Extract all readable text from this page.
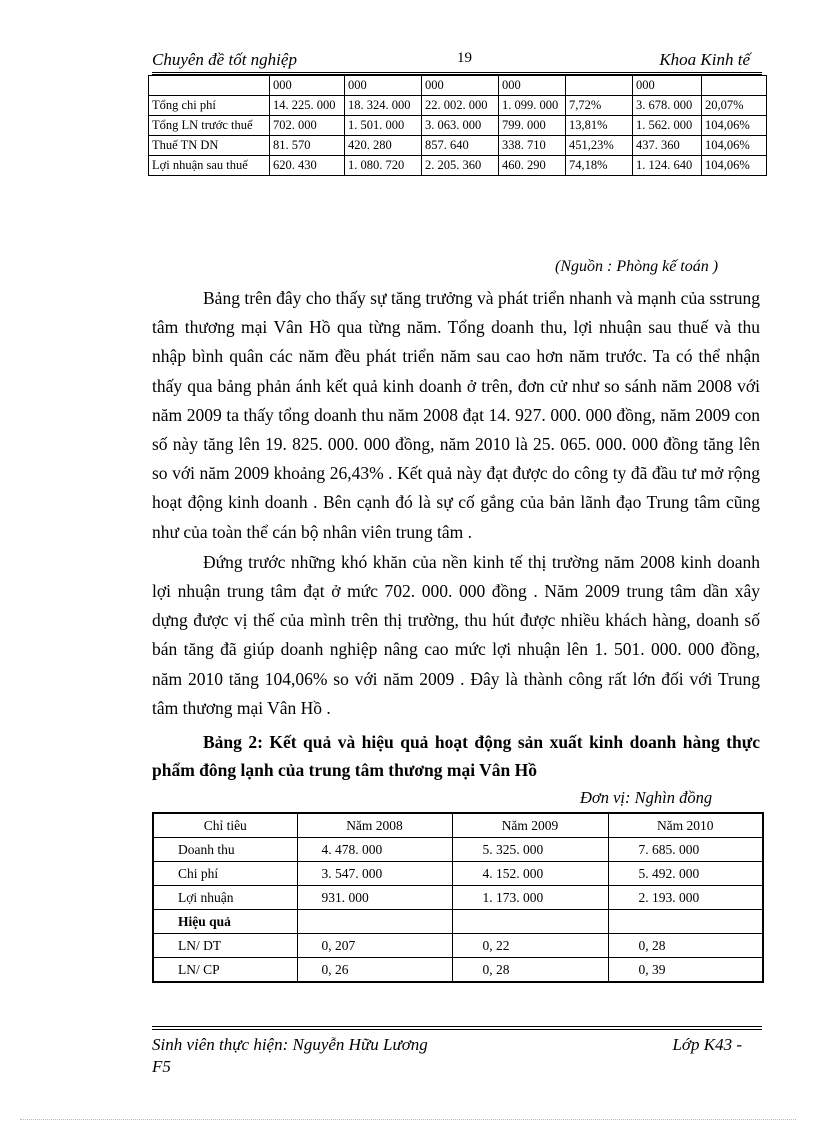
Chuyên đề tốt nghiệp	19	Khoa Kinh tế
	000	000	000	000		000	
Tổng chi phí	14. 225. 000	18. 324. 000	22. 002. 000	1. 099. 000	7,72%	3. 678. 000	20,07%
Tổng LN trước thuế	702. 000	1. 501. 000	3. 063. 000	799. 000	13,81%	1. 562. 000	104,06%
Thuế TN DN	81. 570	420. 280	857. 640	338. 710	451,23%	437. 360	104,06%
Lợi nhuận sau thuế	620. 430	1. 080. 720	2. 205. 360	460. 290	74,18%	1. 124. 640	104,06%
(Nguồn : Phòng kế toán )

Bảng trên đây cho thấy sự tăng trưởng và phát triển nhanh và mạnh của sstrung tâm thương mại Vân Hồ qua từng năm. Tổng doanh thu, lợi nhuận sau thuế và thu nhập bình quân các năm đều phát triển năm sau cao hơn năm trước. Ta có thể nhận thấy qua bảng phản ánh kết quả kinh doanh ở trên, đơn cử như so sánh năm 2008 với năm 2009 ta thấy tổng doanh thu năm 2008 đạt 14. 927. 000. 000 đồng, năm 2009 con số này tăng lên 19. 825. 000. 000 đồng, năm 2010 là 25. 065. 000. 000 đồng tăng lên so với năm 2009 khoảng 26,43% . Kết quả này đạt được do công ty đã đầu tư mở rộng hoạt động kinh doanh . Bên cạnh đó là sự cố gắng của bản lãnh đạo Trung tâm cũng như của toàn thể cán bộ nhân viên trung tâm .

Đứng trước những khó khăn của nền kinh tế thị trường năm 2008 kinh doanh lợi nhuận trung tâm đạt ở mức 702. 000. 000 đồng . Năm 2009 trung tâm dần xây dựng được vị thế của mình trên thị trường, thu hút được nhiều khách hàng, doanh số bán tăng đã giúp doanh nghiệp nâng cao mức lợi nhuận lên 1. 501. 000. 000 đồng, năm 2010 tăng 104,06% so với năm 2009 . Đây là thành công rất lớn đối với Trung tâm thương mại Vân Hồ .

Bảng 2: Kết quả và hiệu quả hoạt động sản xuất kinh doanh hàng thực phẩm đông lạnh của trung tâm thương mại Vân Hồ
Đơn vị: Nghìn đồng
Chỉ tiêu	Năm 2008	Năm 2009	Năm 2010
Doanh thu	4. 478. 000	5. 325. 000	7. 685. 000
Chi phí	3. 547. 000	4. 152. 000	5. 492. 000
Lợi nhuận	931. 000	1. 173. 000	2. 193. 000
Hiệu quả			
LN/ DT	0, 207	0, 22	0, 28
LN/ CP	0, 26	0, 28	0, 39
Sinh viên thực hiện: Nguyễn Hữu Lương
F5
Lớp K43 -
